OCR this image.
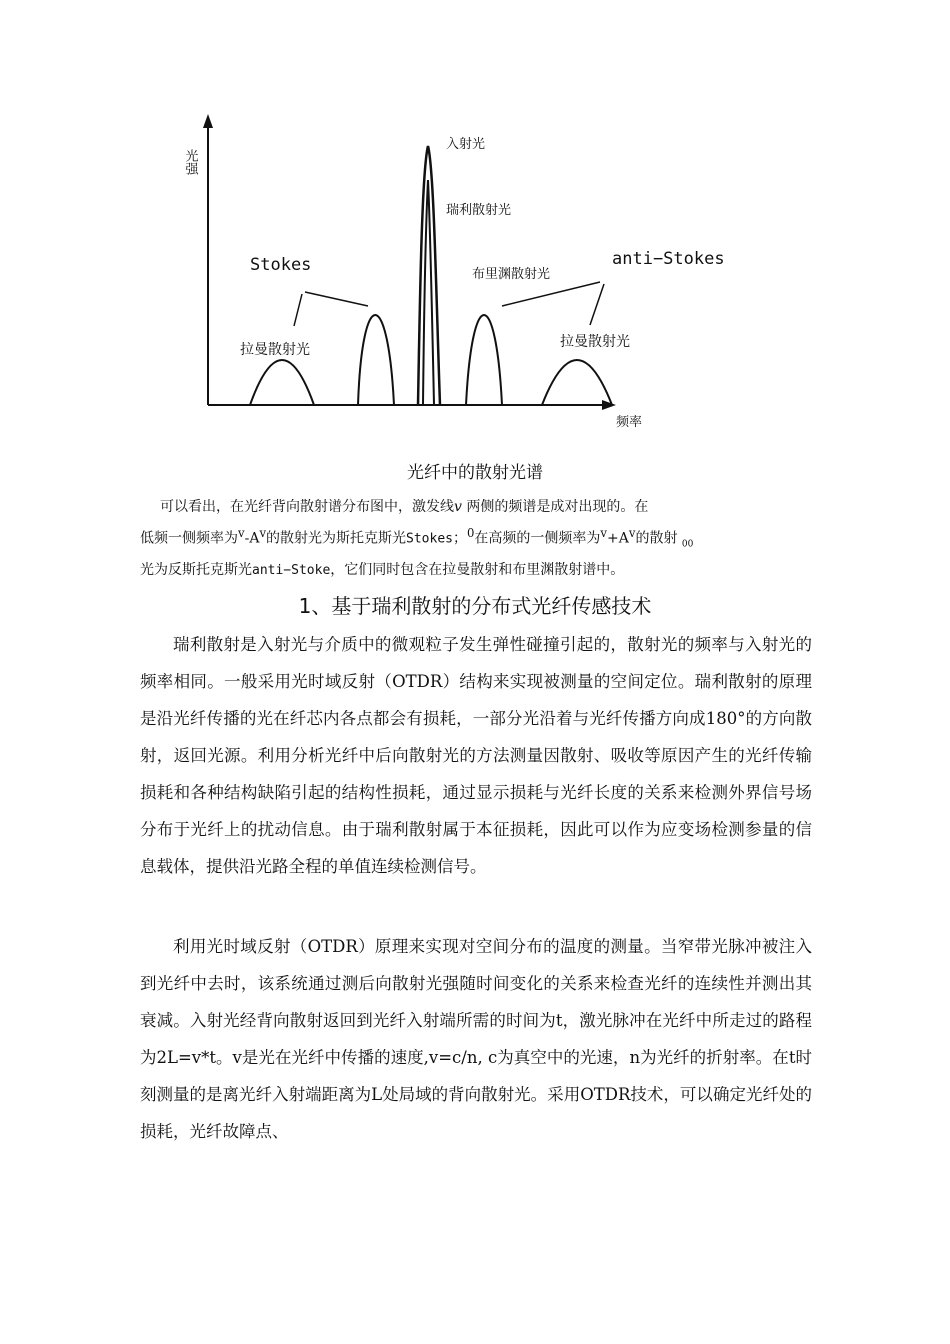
光强
频率
入射光
瑞利散射光
Stokes	anti−Stokes
布里渊散射光
拉曼散射光	拉曼散射光
光纤中的散射光谱

可以看出，在光纤背向散射谱分布图中，激发线v 两侧的频谱是成对出现的。在

低频一侧频率为$^v-A^v$的散射光为斯托克斯光Stokes；$^0$在高频的一侧频率为$^v+A^v$的散射 $_{00}$

光为反斯托克斯光anti−Stoke，它们同时包含在拉曼散射和布里渊散射谱中。

1、基于瑞利散射的分布式光纤传感技术

瑞利散射是入射光与介质中的微观粒子发生弹性碰撞引起的，散射光的频率与入射光的频率相同。一般采用光时域反射（OTDR）结构来实现被测量的空间定位。瑞利散射的原理是沿光纤传播的光在纤芯内各点都会有损耗，一部分光沿着与光纤传播方向成180°的方向散射，返回光源。利用分析光纤中后向散射光的方法测量因散射、吸收等原因产生的光纤传输损耗和各种结构缺陷引起的结构性损耗，通过显示损耗与光纤长度的关系来检测外界信号场分布于光纤上的扰动信息。由于瑞利散射属于本征损耗，因此可以作为应变场检测参量的信息载体，提供沿光路全程的单值连续检测信号。

利用光时域反射（OTDR）原理来实现对空间分布的温度的测量。当窄带光脉冲被注入到光纤中去时，该系统通过测后向散射光强随时间变化的关系来检查光纤的连续性并测出其衰减。入射光经背向散射返回到光纤入射端所需的时间为t，激光脉冲在光纤中所走过的路程为2L=v*t。v是光在光纤中传播的速度,v=c/n, c为真空中的光速，n为光纤的折射率。在t时刻测量的是离光纤入射端距离为L处局域的背向散射光。采用OTDR技术，可以确定光纤处的损耗，光纤故障点、
